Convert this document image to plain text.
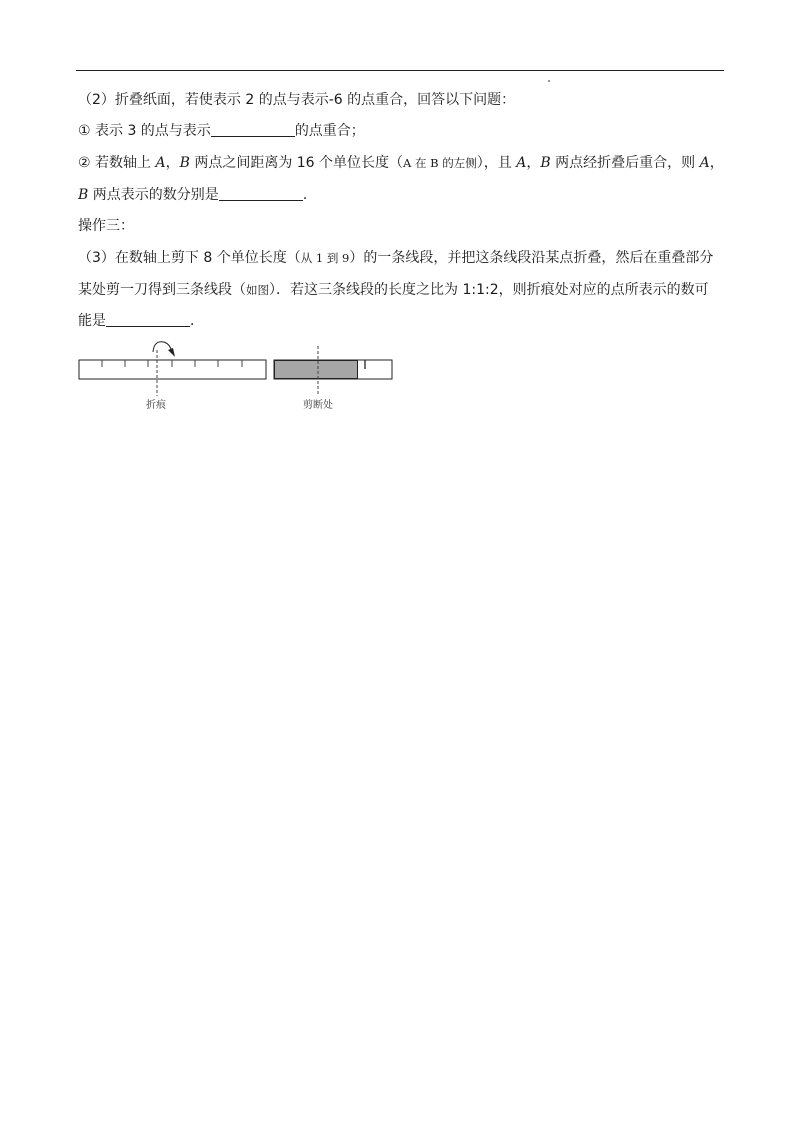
（2）折叠纸面，若使表示 2 的点与表示-6 的点重合，回答以下问题：
① 表示 3 的点与表示	的点重合；
② 若数轴上 A，B 两点之间距离为 16 个单位长度（A 在 B 的左侧），且 A，B 两点经折叠后重合，则 A，
B 两点表示的数分别是	.
操作三：
（3）在数轴上剪下 8 个单位长度（从 1 到 9）的一条线段，并把这条线段沿某点折叠，然后在重叠部分
某处剪一刀得到三条线段（如图）．若这三条线段的长度之比为 1:1:2，则折痕处对应的点所表示的数可
能是	．
折痕	剪断处
